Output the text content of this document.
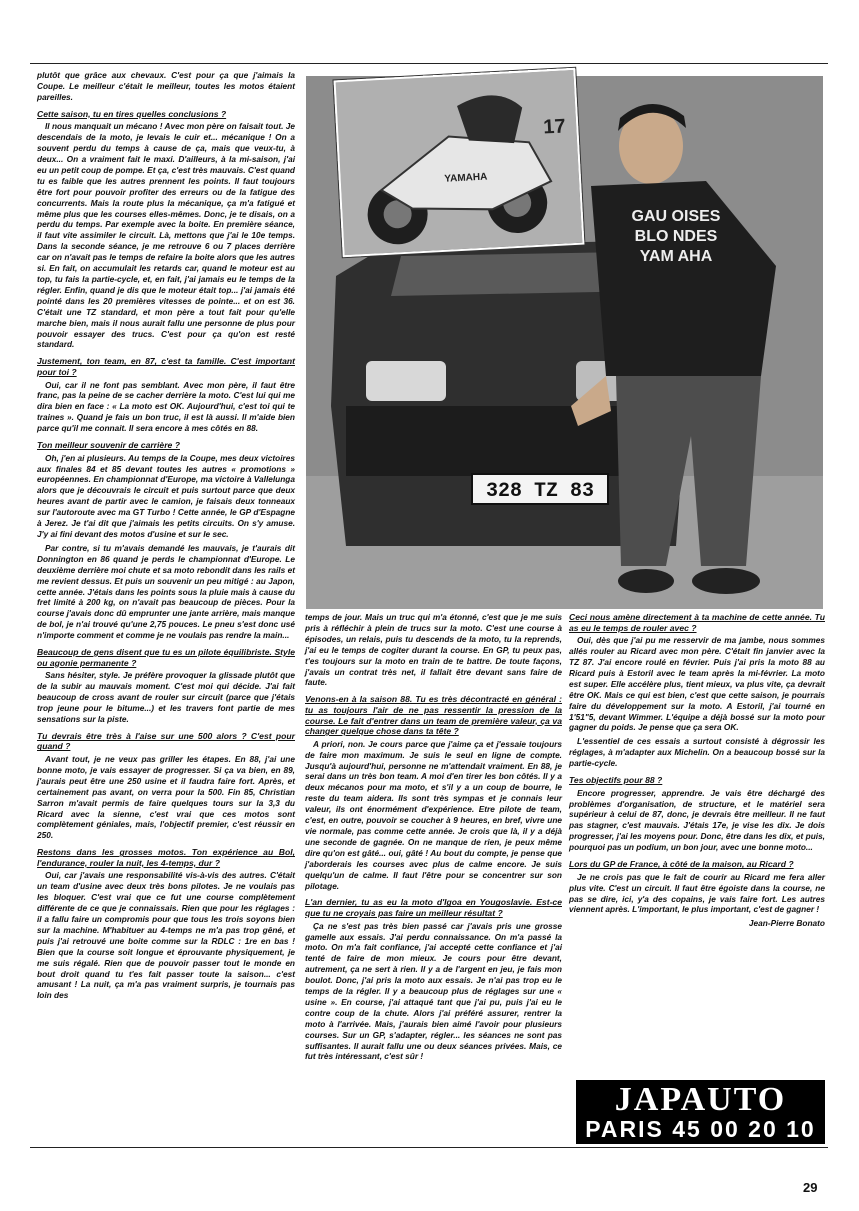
plutôt que grâce aux chevaux. C'est pour ça que j'aimais la Coupe. Le meilleur c'était le meilleur, toutes les motos étaient pareilles.

Cette saison, tu en tires quelles conclusions ?

Il nous manquait un mécano ! Avec mon père on faisait tout. Je descendais de la moto, je levais le cuir et... mécanique ! On a souvent perdu du temps à cause de ça, mais que veux-tu, à deux... On a vraiment fait le maxi. D'ailleurs, à la mi-saison, j'ai eu un petit coup de pompe. Et ça, c'est très mauvais. C'est quand tu es faible que les autres prennent les points. Il faut toujours être fort pour pouvoir profiter des erreurs ou de la fatigue des concurrents. Mais la route plus la mécanique, ça m'a fatigué et même plus que les courses elles-mêmes. Donc, je te disais, on a perdu du temps. Par exemple avec la boite. En première séance, il faut vite assimiler le circuit. Là, mettons que j'ai le 10e temps. Dans la seconde séance, je me retrouve 6 ou 7 places derrière car on n'avait pas le temps de refaire la boite alors que les autres si. En fait, on accumulait les retards car, quand le moteur est au top, tu fais la partie-cycle, et, en fait, j'ai jamais eu le temps de la régler. Enfin, quand je dis que le moteur était top... j'ai jamais été pointé dans les 20 premières vitesses de pointe... et on est 36. C'était une TZ standard, et mon père a tout fait pour qu'elle marche bien, mais il nous aurait fallu une personne de plus pour pouvoir essayer des trucs. C'est pour ça qu'on est resté standard.

Justement, ton team, en 87, c'est ta famille. C'est important pour toi ?

Oui, car il ne font pas semblant. Avec mon père, il faut être franc, pas la peine de se cacher derrière la moto. C'est lui qui me dira bien en face : « La moto est OK. Aujourd'hui, c'est toi qui te traines ». Quand je fais un bon truc, il est là aussi. Il m'aide bien parce qu'il me connait. Il sera encore à mes côtés en 88.

Ton meilleur souvenir de carrière ?

Oh, j'en ai plusieurs. Au temps de la Coupe, mes deux victoires aux finales 84 et 85 devant toutes les autres « promotions » européennes. En championnat d'Europe, ma victoire à Vallelunga alors que je découvrais le circuit et puis surtout parce que deux heures avant de partir avec le camion, je faisais deux tonneaux sur l'autoroute avec ma GT Turbo ! Cette année, le GP d'Espagne à Jerez. Je t'ai dit que j'aimais les petits circuits. On s'y amuse. J'y ai fini devant des motos d'usine et sur le sec.

Par contre, si tu m'avais demandé les mauvais, je t'aurais dit Donnington en 86 quand je perds le championnat d'Europe. Le deuxième derrière moi chute et sa moto rebondit dans les rails et me revient dessus. Et puis un souvenir un peu mitigé : au Japon, cette année. J'étais dans les points sous la pluie mais à cause du fret limité à 200 kg, on n'avait pas beaucoup de pièces. Pour la course j'avais donc dû emprunter une jante arrière, mais manque de bol, je n'ai trouvé qu'une 2,75 pouces. Le pneu s'est donc usé n'importe comment et comme je ne voulais pas rendre la main...

Beaucoup de gens disent que tu es un pilote équilibriste. Style ou agonie permanente ?

Sans hésiter, style. Je préfère provoquer la glissade plutôt que de la subir au mauvais moment. C'est moi qui décide. J'ai fait beaucoup de cross avant de rouler sur circuit (parce que j'étais trop jeune pour le bitume...) et les travers font partie de mes sensations sur la piste.

Tu devrais être très à l'aise sur une 500 alors ? C'est pour quand ?

Avant tout, je ne veux pas griller les étapes. En 88, j'ai une bonne moto, je vais essayer de progresser. Si ça va bien, en 89, j'aurais peut être une 250 usine et il faudra faire fort. Après, et certainement pas avant, on verra pour la 500. Fin 85, Christian Sarron m'avait permis de faire quelques tours sur la 3,3 du Ricard avec la sienne, c'est vrai que ces motos sont complètement géniales, mais, l'objectif premier, c'est réussir en 250.

Restons dans les grosses motos. Ton expérience au Bol, l'endurance, rouler la nuit, les 4-temps, dur ?

Oui, car j'avais une responsabilité vis-à-vis des autres. C'était un team d'usine avec deux très bons pilotes. Je ne voulais pas les bloquer. C'est vrai que ce fut une course complètement différente de ce que je connaissais. Rien que pour les réglages : il a fallu faire un compromis pour que tous les trois soyons bien sur la machine. M'habituer au 4-temps ne m'a pas trop gêné, et puis j'ai retrouvé une boite comme sur la RDLC : 1re en bas ! Bien que la course soit longue et éprouvante physiquement, je me suis régalé. Rien que de pouvoir passer tout le monde en bout droit quand tu t'es fait passer toute la saison... c'est amusant ! La nuit, ça m'a pas vraiment surpris, je tournais pas loin des

328 TZ 83
GAU OISES
BLO NDES
YAM AHA
17
YAMAHA

temps de jour. Mais un truc qui m'a étonné, c'est que je me suis pris à réfléchir à plein de trucs sur la moto. C'est une course à épisodes, un relais, puis tu descends de la moto, tu la reprends, j'ai eu le temps de cogiter durant la course. En GP, tu peux pas, t'es toujours sur la moto en train de te battre. De toute façons, j'avais un contrat très net, il fallait être devant sans faire de faute.

Venons-en à la saison 88. Tu es très décontracté en général : tu as toujours l'air de ne pas ressentir la pression de la course. Le fait d'entrer dans un team de première valeur, ça va changer quelque chose dans ta tête ?

A priori, non. Je cours parce que j'aime ça et j'essaie toujours de faire mon maximum. Je suis le seul en ligne de compte. Jusqu'à aujourd'hui, personne ne m'attendait vraiment. En 88, je serai dans un très bon team. A moi d'en tirer les bon côtés. Il y a deux mécanos pour ma moto, et s'il y a un coup de bourre, le reste du team aidera. Ils sont très sympas et je connais leur valeur, ils ont énormément d'expérience. Etre pilote de team, c'est, en outre, pouvoir se coucher à 9 heures, en bref, vivre une vie normale, pas comme cette année. Je crois que là, il y a déjà une seconde de gagnée. On ne manque de rien, je peux même dire qu'on est gâté... oui, gâté ! Au bout du compte, je pense que j'aborderais les courses avec plus de calme encore. Je suis quelqu'un de calme. Il faut l'être pour se concentrer sur son pilotage.

L'an dernier, tu as eu la moto d'Igoa en Yougoslavie. Est-ce que tu ne croyais pas faire un meilleur résultat ?

Ça ne s'est pas très bien passé car j'avais pris une grosse gamelle aux essais. J'ai perdu connaissance. On m'a passé la moto. On m'a fait confiance, j'ai accepté cette confiance et j'ai tenté de faire de mon mieux. Je cours pour être devant, autrement, ça ne sert à rien. Il y a de l'argent en jeu, je fais mon boulot. Donc, j'ai pris la moto aux essais. Je n'ai pas trop eu le temps de la régler. Il y a beaucoup plus de réglages sur une « usine ». En course, j'ai attaqué tant que j'ai pu, puis j'ai eu le contre coup de la chute. Alors j'ai préféré assurer, rentrer la moto à l'arrivée. Mais, j'aurais bien aimé l'avoir pour plusieurs courses. Sur un GP, s'adapter, régler... les séances ne sont pas suffisantes. Il aurait fallu une ou deux séances privées. Mais, ce fut très intéressant, c'est sûr !

Ceci nous amène directement à ta machine de cette année. Tu as eu le temps de rouler avec ?

Oui, dès que j'ai pu me resservir de ma jambe, nous sommes allés rouler au Ricard avec mon père. C'était fin janvier avec la TZ 87. J'ai encore roulé en février. Puis j'ai pris la moto 88 au Ricard puis à Estoril avec le team après la mi-février. La moto est super. Elle accélère plus, tient mieux, va plus vite, ça devrait être OK. Mais ce qui est bien, c'est que cette saison, je pourrais faire du développement sur la moto. A Estoril, j'ai tourné en 1'51"5, devant Wimmer. L'équipe a déjà bossé sur la moto pour gagner du poids. Je pense que ça sera OK.

L'essentiel de ces essais a surtout consisté à dégrossir les réglages, à m'adapter aux Michelin. On a beaucoup bossé sur la partie-cycle.

Tes objectifs pour 88 ?

Encore progresser, apprendre. Je vais être déchargé des problèmes d'organisation, de structure, et le matériel sera supérieur à celui de 87, donc, je devrais être meilleur. Il ne faut pas stagner, c'est mauvais. J'étais 17e, je vise les dix. Je dois progresser, j'ai les moyens pour. Donc, être dans les dix, et puis, pourquoi pas un podium, un bon jour, avec une bonne moto...

Lors du GP de France, à côté de la maison, au Ricard ?

Je ne crois pas que le fait de courir au Ricard me fera aller plus vite. C'est un circuit. Il faut être égoiste dans la course, ne pas se dire, ici, y'a des copains, je vais faire fort. Les autres viennent après. L'important, le plus important, c'est de gagner !

Jean-Pierre Bonato
JAPAUTO
PARIS 45 00 20 10
29
